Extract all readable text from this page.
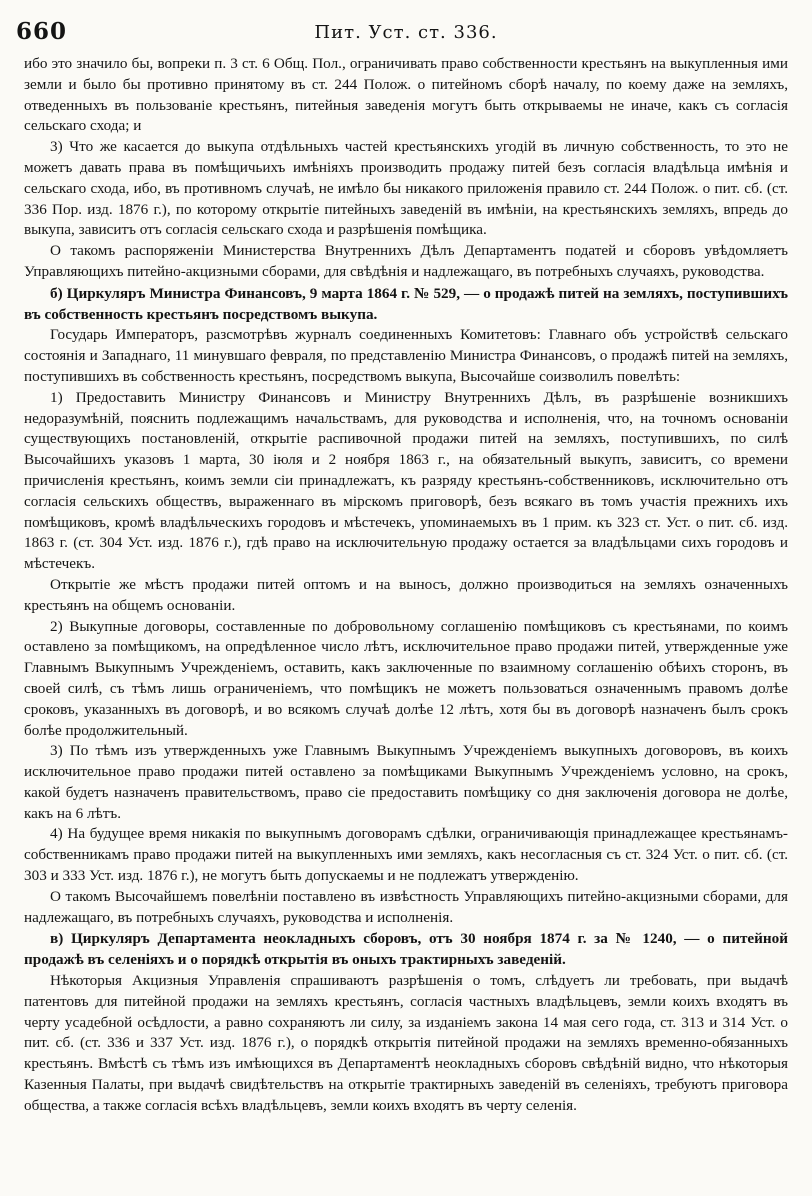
660	Пит. Уст. ст. 336.

ибо это значило бы, вопреки п. 3 ст. 6 Общ. Пол., ограничивать право собственности крестьянъ на выкупленныя ими земли и было бы противно принятому въ ст. 244 Полож. о питейномъ сборѣ началу, по коему даже на земляхъ, отведенныхъ въ пользованіе крестьянъ, питейныя заведенія могутъ быть открываемы не иначе, какъ съ согласія сельскаго схода; и

3) Что же касается до выкупа отдѣльныхъ частей крестьянскихъ угодій въ личную собственность, то это не можетъ давать права въ помѣщичьихъ имѣніяхъ производить продажу питей безъ согласія владѣльца имѣнія и сельскаго схода, ибо, въ противномъ случаѣ, не имѣло бы никакого приложенія правило ст. 244 Полож. о пит. сб. (ст. 336 Пор. изд. 1876 г.), по которому открытіе питейныхъ заведеній въ имѣніи, на крестьянскихъ земляхъ, впредь до выкупа, зависитъ отъ согласія сельскаго схода и разрѣшенія помѣщика.

О такомъ распоряженіи Министерства Внутреннихъ Дѣлъ Департаментъ податей и сборовъ увѣдомляетъ Управляющихъ питейно-акцизными сборами, для свѣдѣнія и надлежащаго, въ потребныхъ случаяхъ, руководства.

б) Циркуляръ Министра Финансовъ, 9 марта 1864 г. № 529, — о продажѣ питей на земляхъ, поступившихъ въ собственность крестьянъ посредствомъ выкупа.

Государь Императоръ, разсмотрѣвъ журналъ соединенныхъ Комитетовъ: Главнаго объ устройствѣ сельскаго состоянія и Западнаго, 11 минувшаго февраля, по представленію Министра Финансовъ, о продажѣ питей на земляхъ, поступившихъ въ собственность крестьянъ, посредствомъ выкупа, Высочайше соизволилъ повелѣть:

1) Предоставить Министру Финансовъ и Министру Внутреннихъ Дѣлъ, въ разрѣшеніе возникшихъ недоразумѣній, пояснить подлежащимъ начальствамъ, для руководства и исполненія, что, на точномъ основаніи существующихъ постановленій, открытіе распивочной продажи питей на земляхъ, поступившихъ, по силѣ Высочайшихъ указовъ 1 марта, 30 іюля и 2 ноября 1863 г., на обязательный выкупъ, зависитъ, со времени причисленія крестьянъ, коимъ земли сіи принадлежатъ, къ разряду крестьянъ-собственниковъ, исключительно отъ согласія сельскихъ обществъ, выраженнаго въ мірскомъ приговорѣ, безъ всякаго въ томъ участія прежнихъ ихъ помѣщиковъ, кромѣ владѣльческихъ городовъ и мѣстечекъ, упоминаемыхъ въ 1 прим. къ 323 ст. Уст. о пит. сб. изд. 1863 г. (ст. 304 Уст. изд. 1876 г.), гдѣ право на исключительную продажу остается за владѣльцами сихъ городовъ и мѣстечекъ.

Открытіе же мѣстъ продажи питей оптомъ и на выносъ, должно производиться на земляхъ означенныхъ крестьянъ на общемъ основаніи.

2) Выкупные договоры, составленные по добровольному соглашенію помѣщиковъ съ крестьянами, по коимъ оставлено за помѣщикомъ, на опредѣленное число лѣтъ, исключительное право продажи питей, утвержденные уже Главнымъ Выкупнымъ Учрежденіемъ, оставить, какъ заключенные по взаимному соглашенію обѣихъ сторонъ, въ своей силѣ, съ тѣмъ лишь ограниченіемъ, что помѣщикъ не можетъ пользоваться означеннымъ правомъ долѣе сроковъ, указанныхъ въ договорѣ, и во всякомъ случаѣ долѣе 12 лѣтъ, хотя бы въ договорѣ назначенъ былъ срокъ болѣе продолжительный.

3) По тѣмъ изъ утвержденныхъ уже Главнымъ Выкупнымъ Учрежденіемъ выкупныхъ договоровъ, въ коихъ исключительное право продажи питей оставлено за помѣщиками Выкупнымъ Учрежденіемъ условно, на срокъ, какой будетъ назначенъ правительствомъ, право сіе предоставить помѣщику со дня заключенія договора не долѣе, какъ на 6 лѣтъ.

4) На будущее время никакія по выкупнымъ договорамъ сдѣлки, ограничивающія принадлежащее крестьянамъ-собственникамъ право продажи питей на выкупленныхъ ими земляхъ, какъ несогласныя съ ст. 324 Уст. о пит. сб. (ст. 303 и 333 Уст. изд. 1876 г.), не могутъ быть допускаемы и не подлежатъ утвержденію.

О такомъ Высочайшемъ повелѣніи поставлено въ извѣстность Управляющихъ питейно-акцизными сборами, для надлежащаго, въ потребныхъ случаяхъ, руководства и исполненія.

в) Циркуляръ Департамента неокладныхъ сборовъ, отъ 30 ноября 1874 г. за № 1240, — о питейной продажѣ въ селеніяхъ и о порядкѣ открытія въ оныхъ трактирныхъ заведеній.

Нѣкоторыя Акцизныя Управленія спрашиваютъ разрѣшенія о томъ, слѣдуетъ ли требовать, при выдачѣ патентовъ для питейной продажи на земляхъ крестьянъ, согласія частныхъ владѣльцевъ, земли коихъ входятъ въ черту усадебной осѣдлости, а равно сохраняютъ ли силу, за изданіемъ закона 14 мая сего года, ст. 313 и 314 Уст. о пит. сб. (ст. 336 и 337 Уст. изд. 1876 г.), о порядкѣ открытія питейной продажи на земляхъ временно-обязанныхъ крестьянъ. Вмѣстѣ съ тѣмъ изъ имѣющихся въ Департаментѣ неокладныхъ сборовъ свѣдѣній видно, что нѣкоторыя Казенныя Палаты, при выдачѣ свидѣтельствъ на открытіе трактирныхъ заведеній въ селеніяхъ, требуютъ приговора общества, а также согласія всѣхъ владѣльцевъ, земли коихъ входятъ въ черту селенія.
